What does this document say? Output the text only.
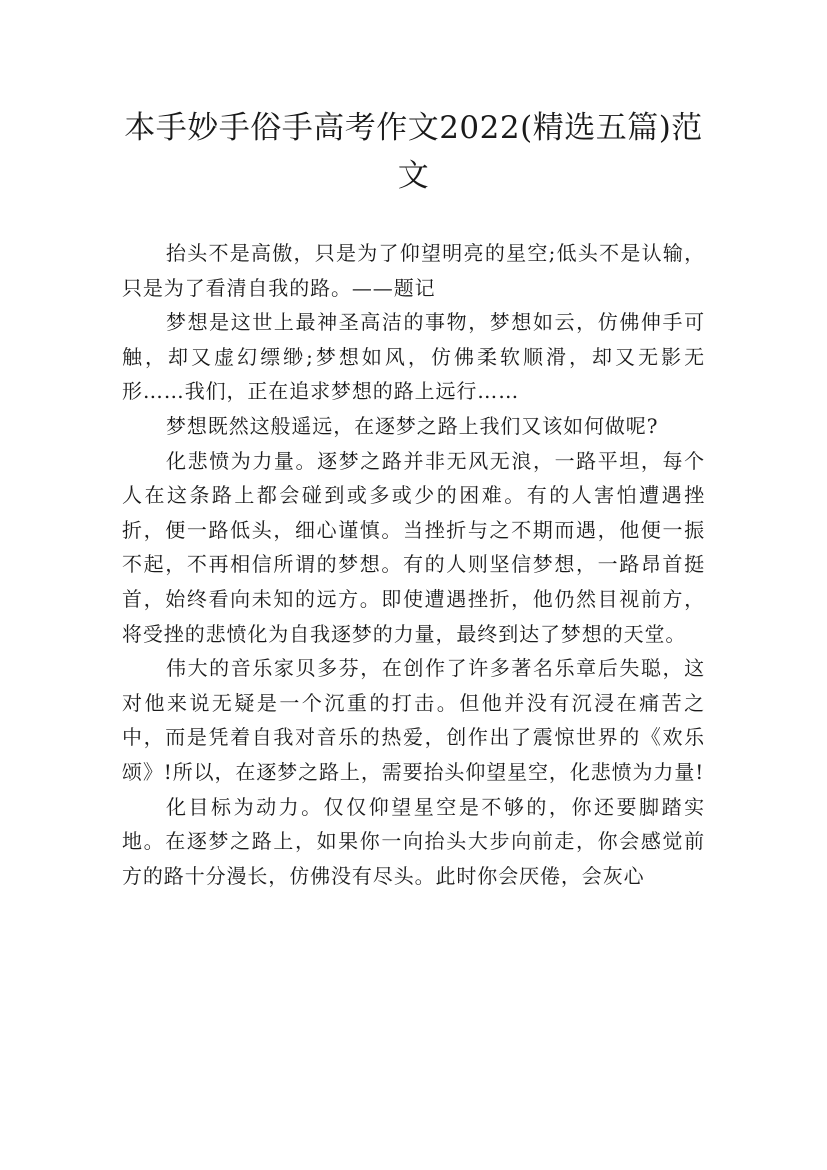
本手妙手俗手高考作文2022(精选五篇)范文

抬头不是高傲，只是为了仰望明亮的星空;低头不是认输，只是为了看清自我的路。——题记

梦想是这世上最神圣高洁的事物，梦想如云，仿佛伸手可触，却又虚幻缥缈;梦想如风，仿佛柔软顺滑，却又无影无形……我们，正在追求梦想的路上远行……

梦想既然这般遥远，在逐梦之路上我们又该如何做呢?

化悲愤为力量。逐梦之路并非无风无浪，一路平坦，每个人在这条路上都会碰到或多或少的困难。有的人害怕遭遇挫折，便一路低头，细心谨慎。当挫折与之不期而遇，他便一振不起，不再相信所谓的梦想。有的人则坚信梦想，一路昂首挺首，始终看向未知的远方。即使遭遇挫折，他仍然目视前方，将受挫的悲愤化为自我逐梦的力量，最终到达了梦想的天堂。

伟大的音乐家贝多芬，在创作了许多著名乐章后失聪，这对他来说无疑是一个沉重的打击。但他并没有沉浸在痛苦之中，而是凭着自我对音乐的热爱，创作出了震惊世界的《欢乐颂》!所以，在逐梦之路上，需要抬头仰望星空，化悲愤为力量!

化目标为动力。仅仅仰望星空是不够的，你还要脚踏实地。在逐梦之路上，如果你一向抬头大步向前走，你会感觉前方的路十分漫长，仿佛没有尽头。此时你会厌倦，会灰心
